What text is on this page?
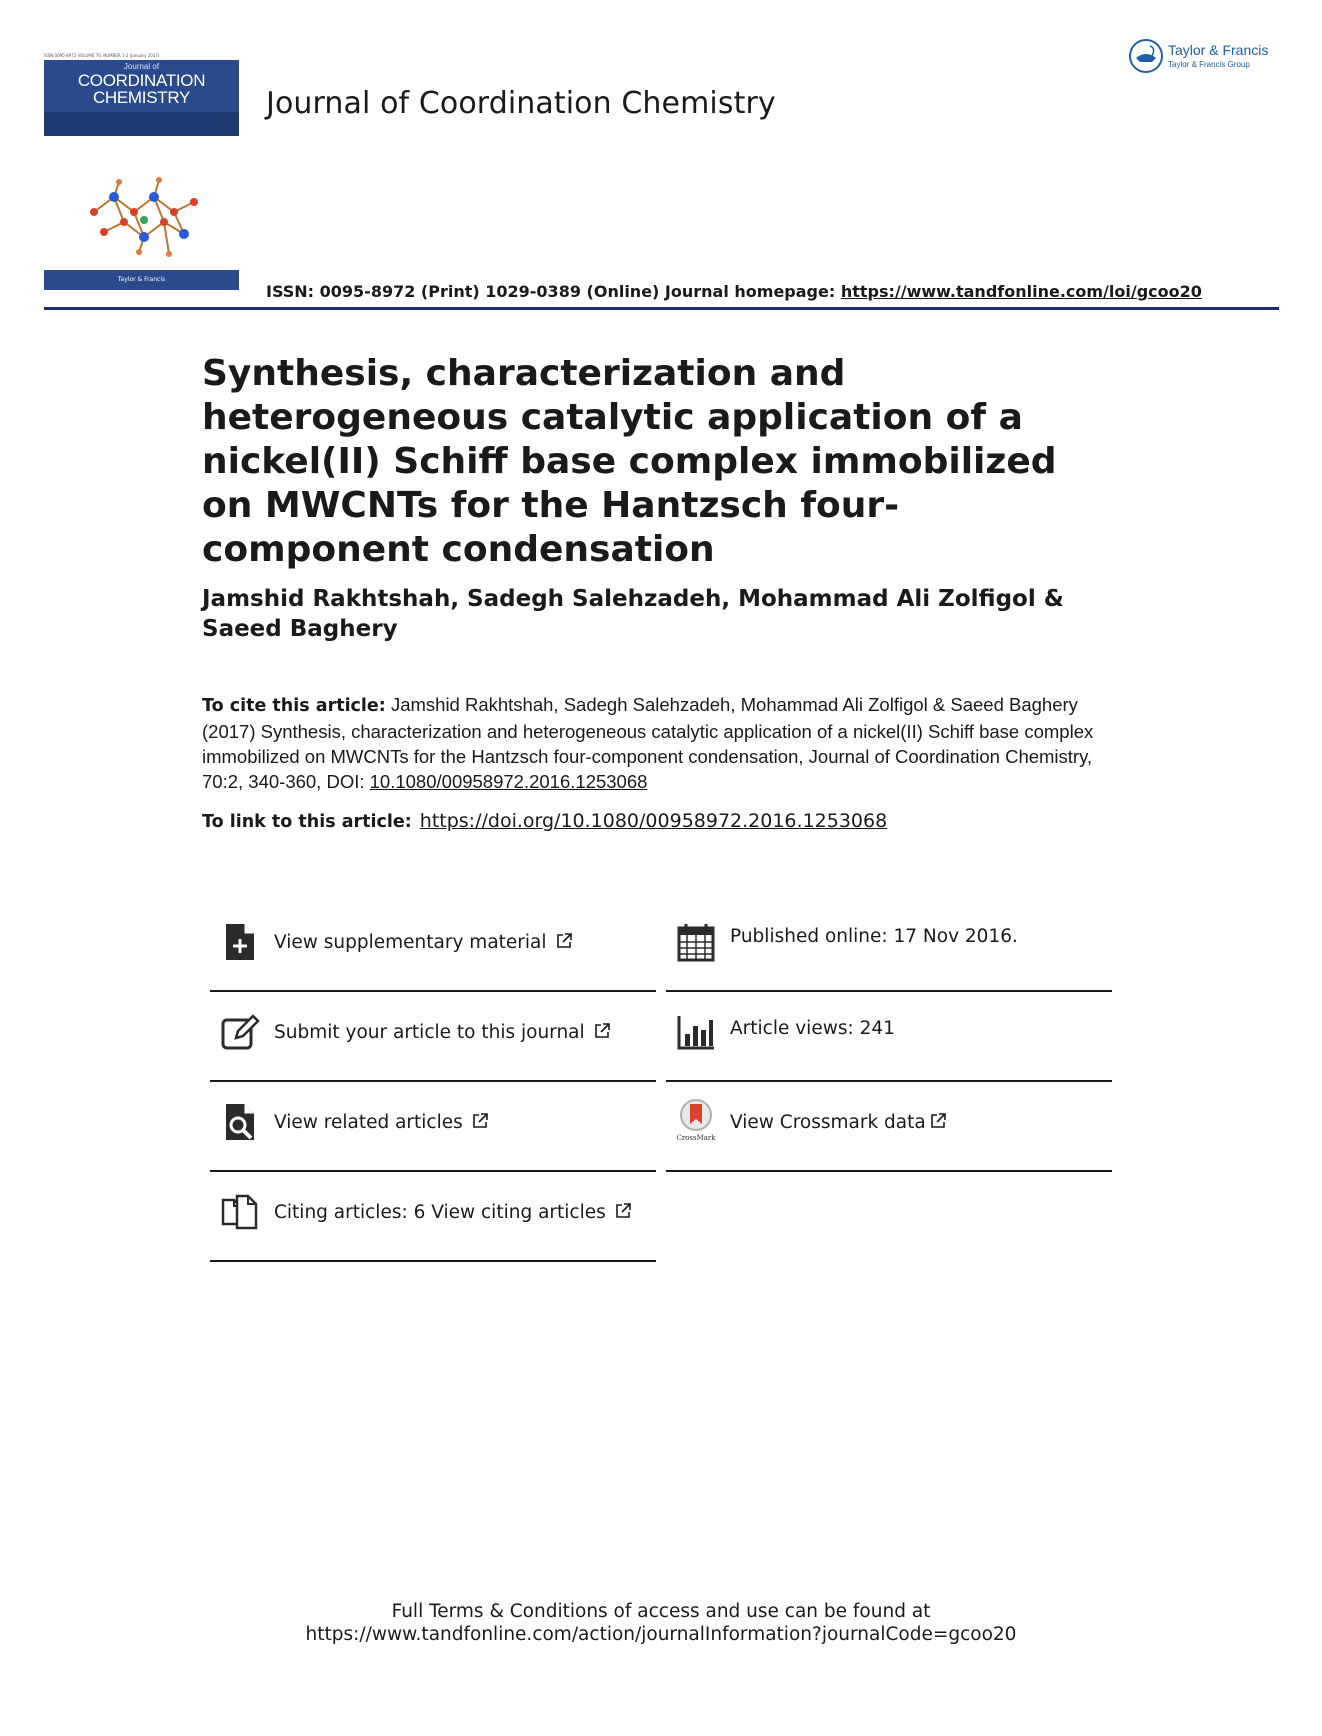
ISSN 0095-8972 VOLUME 70, NUMBER 1-2 (January 2017)
Journal of
COORDINATION
CHEMISTRY
Taylor & Francis
Journal of Coordination Chemistry
Taylor & Francis
Taylor & Francis Group
ISSN: 0095-8972 (Print) 1029-0389 (Online) Journal homepage: https://www.tandfonline.com/loi/gcoo20
Synthesis, characterization and heterogeneous catalytic application of a nickel(II) Schiff base complex immobilized on MWCNTs for the Hantzsch four-component condensation
Jamshid Rakhtshah, Sadegh Salehzadeh, Mohammad Ali Zolfigol & Saeed Baghery
To cite this article: Jamshid Rakhtshah, Sadegh Salehzadeh, Mohammad Ali Zolfigol & Saeed Baghery (2017) Synthesis, characterization and heterogeneous catalytic application of a nickel(II) Schiff base complex immobilized on MWCNTs for the Hantzsch four-component condensation, Journal of Coordination Chemistry, 70:2, 340-360, DOI: 10.1080/00958972.2016.1253068
To link to this article: https://doi.org/10.1080/00958972.2016.1253068
View supplementary material	Published online: 17 Nov 2016.
Submit your article to this journal	Article views: 241
View related articles
CrossMark
View Crossmark data
Citing articles: 6 View citing articles
Full Terms & Conditions of access and use can be found at
https://www.tandfonline.com/action/journalInformation?journalCode=gcoo20
